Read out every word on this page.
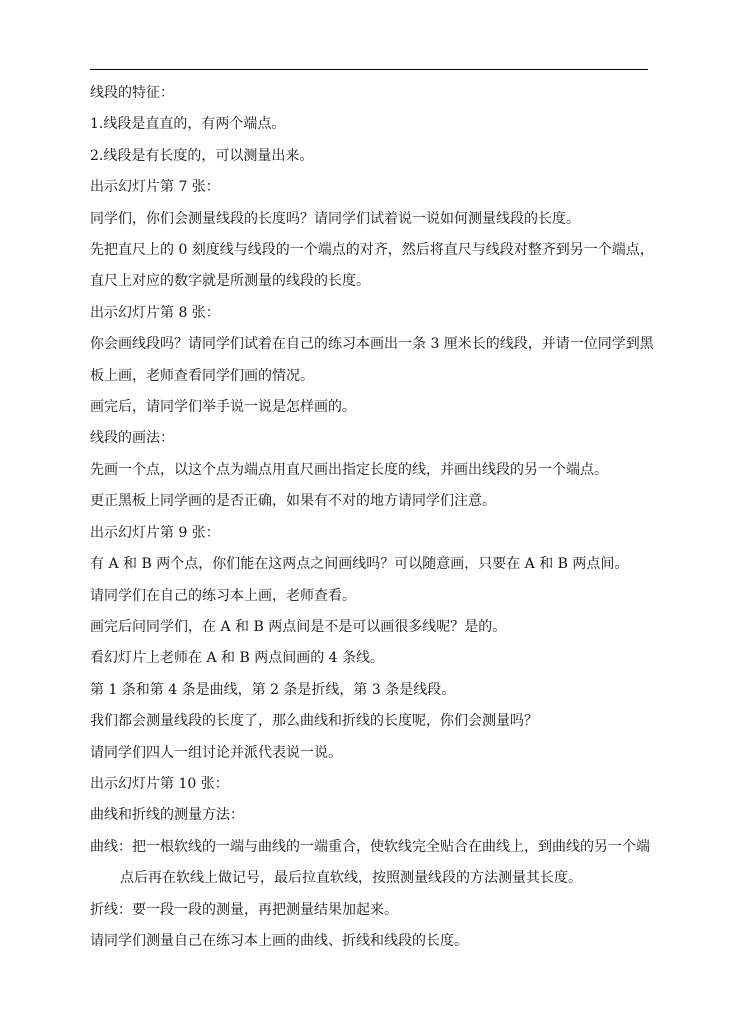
线段的特征：
1.线段是直直的，有两个端点。
2.线段是有长度的，可以测量出来。
出示幻灯片第 7 张：
同学们，你们会测量线段的长度吗？请同学们试着说一说如何测量线段的长度。
先把直尺上的 0 刻度线与线段的一个端点的对齐，然后将直尺与线段对整齐到另一个端点，
直尺上对应的数字就是所测量的线段的长度。
出示幻灯片第 8 张：
你会画线段吗？请同学们试着在自己的练习本画出一条 3 厘米长的线段，并请一位同学到黑
板上画，老师查看同学们画的情况。
画完后，请同学们举手说一说是怎样画的。
线段的画法：
先画一个点，以这个点为端点用直尺画出指定长度的线，并画出线段的另一个端点。
更正黑板上同学画的是否正确，如果有不对的地方请同学们注意。
出示幻灯片第 9 张：
有 A 和 B 两个点，你们能在这两点之间画线吗？可以随意画，只要在 A 和 B 两点间。
请同学们在自己的练习本上画，老师查看。
画完后问同学们，在 A 和 B 两点间是不是可以画很多线呢？是的。
看幻灯片上老师在 A 和 B 两点间画的 4 条线。
第 1 条和第 4 条是曲线，第 2 条是折线，第 3 条是线段。
我们都会测量线段的长度了，那么曲线和折线的长度呢，你们会测量吗？
请同学们四人一组讨论并派代表说一说。
出示幻灯片第 10 张：
曲线和折线的测量方法：
曲线：把一根软线的一端与曲线的一端重合，使软线完全贴合在曲线上，到曲线的另一个端
点后再在软线上做记号，最后拉直软线，按照测量线段的方法测量其长度。
折线：要一段一段的测量，再把测量结果加起来。
请同学们测量自己在练习本上画的曲线、折线和线段的长度。
